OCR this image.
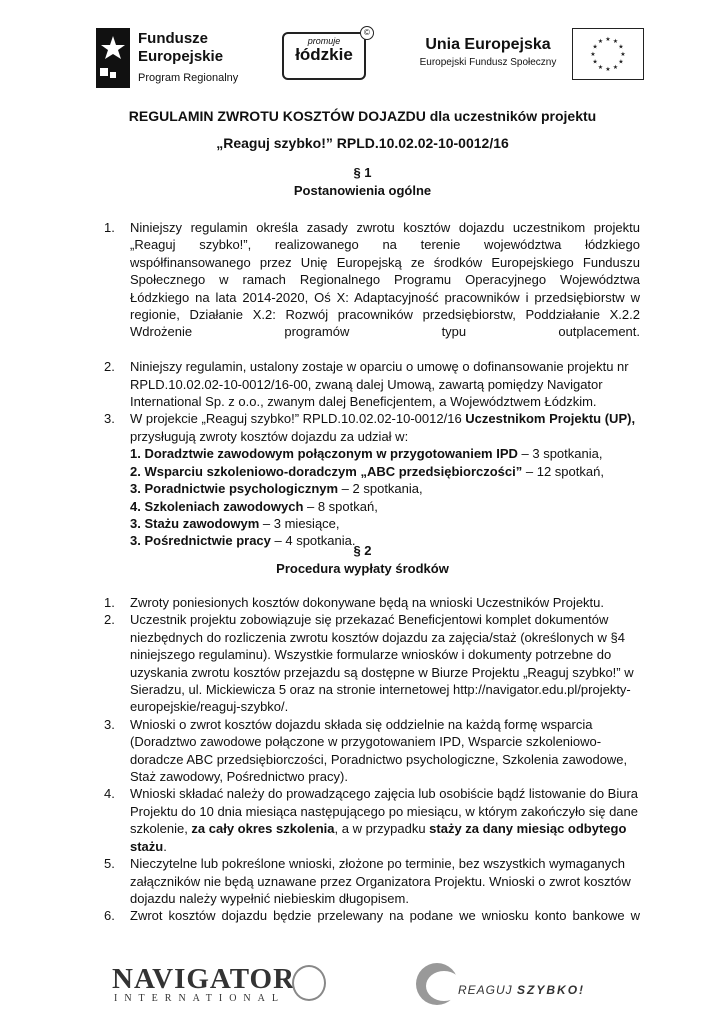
Fundusze
Europejskie
Program Regionalny
promuje
łódzkie
©
Unia Europejska
Europejski Fundusz Społeczny
★
★
★
★
★
★
★
★
★ ★ ★
★
REGULAMIN ZWROTU KOSZTÓW DOJAZDU dla uczestników projektu
„Reaguj szybko!” RPLD.10.02.02-10-0012/16
§ 1
Postanowienia ogólne
1. Niniejszy regulamin określa zasady zwrotu kosztów dojazdu uczestnikom projektu „Reaguj szybko!”, realizowanego na terenie województwa łódzkiego współfinansowanego przez Unię Europejską ze środków Europejskiego Funduszu Społecznego w ramach Regionalnego Programu Operacyjnego Województwa Łódzkiego na lata 2014-2020, Oś X: Adaptacyjność pracowników i przedsiębiorstw w regionie, Działanie X.2: Rozwój pracowników przedsiębiorstw, Poddziałanie X.2.2 Wdrożenie programów typu outplacement.
2. Niniejszy regulamin, ustalony zostaje w oparciu o umowę o dofinansowanie projektu nr RPLD.10.02.02-10-0012/16-00, zwaną dalej Umową, zawartą pomiędzy Navigator International Sp. z o.o., zwanym dalej Beneficjentem, a Województwem Łódzkim.
3. W projekcie „Reaguj szybko!” RPLD.10.02.02-10-0012/16 Uczestnikom Projektu (UP), przysługują zwroty kosztów dojazdu za udział w:
1. Doradztwie zawodowym połączonym w przygotowaniem IPD – 3 spotkania,
2. Wsparciu szkoleniowo-doradczym „ABC przedsiębiorczości” – 12 spotkań,
3. Poradnictwie psychologicznym – 2 spotkania,
4. Szkoleniach zawodowych – 8 spotkań,
3. Stażu zawodowym – 3 miesiące,
3. Pośrednictwie pracy – 4 spotkania.
§ 2
Procedura wypłaty środków
1. Zwroty poniesionych kosztów dokonywane będą na wnioski Uczestników Projektu.
2. Uczestnik projektu zobowiązuje się przekazać Beneficjentowi komplet dokumentów niezbędnych do rozliczenia zwrotu kosztów dojazdu za zajęcia/staż (określonych w §4 niniejszego regulaminu). Wszystkie formularze wniosków i dokumenty potrzebne do uzyskania zwrotu kosztów przejazdu są dostępne w Biurze Projektu „Reaguj szybko!” w Sieradzu, ul. Mickiewicza 5 oraz na stronie internetowej http://navigator.edu.pl/projekty-europejskie/reaguj-szybko/.
3. Wnioski o zwrot kosztów dojazdu składa się oddzielnie na każdą formę wsparcia (Doradztwo zawodowe połączone w przygotowaniem IPD, Wsparcie szkoleniowo-doradcze ABC przedsiębiorczości, Poradnictwo psychologiczne, Szkolenia zawodowe, Staż zawodowy, Pośrednictwo pracy).
4. Wnioski składać należy do prowadzącego zajęcia lub osobiście bądź listowanie do Biura Projektu do 10 dnia miesiąca następującego po miesiącu, w którym zakończyło się dane szkolenie, za cały okres szkolenia, a w przypadku staży za dany miesiąc odbytego stażu.
5. Nieczytelne lub pokreślone wnioski, złożone po terminie, bez wszystkich wymaganych załączników nie będą uznawane przez Organizatora Projektu. Wnioski o zwrot kosztów dojazdu należy wypełnić niebieskim długopisem.
6. Zwrot kosztów dojazdu będzie przelewany na podane we wniosku konto bankowe w
NAVIGATOR
INTERNATIONAL
REAGUJ SZYBKO!
